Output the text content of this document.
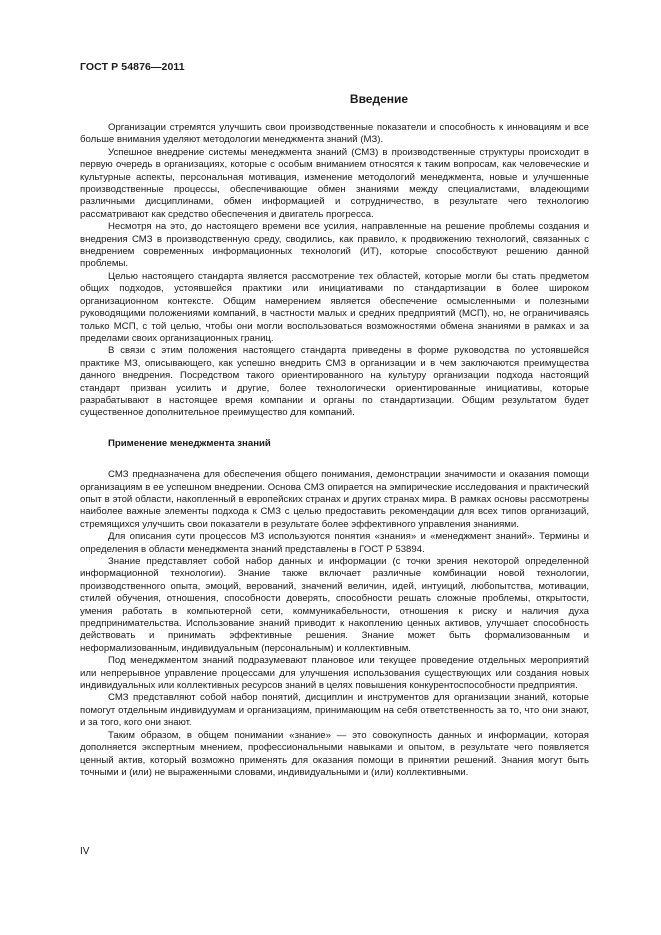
ГОСТ Р 54876—2011
Введение

Организации стремятся улучшить свои производственные показатели и способность к инновациям и все больше внимания уделяют методологии менеджмента знаний (МЗ).

Успешное внедрение системы менеджмента знаний (СМЗ) в производственные структуры происходит в первую очередь в организациях, которые с особым вниманием относятся к таким вопросам, как человеческие и культурные аспекты, персональная мотивация, изменение методологий менеджмента, новые и улучшенные производственные процессы, обеспечивающие обмен знаниями между специалистами, владеющими различными дисциплинами, обмен информацией и сотрудничество, в результате чего технологию рассматривают как средство обеспечения и двигатель прогресса.

Несмотря на это, до настоящего времени все усилия, направленные на решение проблемы создания и внедрения СМЗ в производственную среду, сводились, как правило, к продвижению технологий, связанных с внедрением современных информационных технологий (ИТ), которые способствуют решению данной проблемы.

Целью настоящего стандарта является рассмотрение тех областей, которые могли бы стать предметом общих подходов, устоявшейся практики или инициативами по стандартизации в более широком организационном контексте. Общим намерением является обеспечение осмысленными и полезными руководящими положениями компаний, в частности малых и средних предприятий (МСП), но, не ограничиваясь только МСП, с той целью, чтобы они могли воспользоваться возможностями обмена знаниями в рамках и за пределами своих организационных границ.

В связи с этим положения настоящего стандарта приведены в форме руководства по устоявшейся практике МЗ, описывающего, как успешно внедрить СМЗ в организации и в чем заключаются преимущества данного внедрения. Посредством такого ориентированного на культуру организации подхода настоящий стандарт призван усилить и другие, более технологически ориентированные инициативы, которые разрабатывают в настоящее время компании и органы по стандартизации. Общим результатом будет существенное дополнительное преимущество для компаний.

Применение менеджмента знаний

СМЗ предназначена для обеспечения общего понимания, демонстрации значимости и оказания помощи организациям в ее успешном внедрении. Основа СМЗ опирается на эмпирические исследования и практический опыт в этой области, накопленный в европейских странах и других странах мира. В рамках основы рассмотрены наиболее важные элементы подхода к СМЗ с целью предоставить рекомендации для всех типов организаций, стремящихся улучшить свои показатели в результате более эффективного управления знаниями.

Для описания сути процессов МЗ используются понятия «знания» и «менеджмент знаний». Термины и определения в области менеджмента знаний представлены в ГОСТ Р 53894.

Знание представляет собой набор данных и информации (с точки зрения некоторой определенной информационной технологии). Знание также включает различные комбинации новой технологии, производственного опыта, эмоций, верований, значений величин, идей, интуиций, любопытства, мотивации, стилей обучения, отношения, способности доверять, способности решать сложные проблемы, открытости, умения работать в компьютерной сети, коммуникабельности, отношения к риску и наличия духа предпринимательства. Использование знаний приводит к накоплению ценных активов, улучшает способность действовать и принимать эффективные решения. Знание может быть формализованным и неформализованным, индивидуальным (персональным) и коллективным.

Под менеджментом знаний подразумевают плановое или текущее проведение отдельных мероприятий или непрерывное управление процессами для улучшения использования существующих или создания новых индивидуальных или коллективных ресурсов знаний в целях повышения конкурентоспособности предприятия.

СМЗ представляют собой набор понятий, дисциплин и инструментов для организации знаний, которые помогут отдельным индивидуумам и организациям, принимающим на себя ответственность за то, что они знают, и за того, кого они знают.

Таким образом, в общем понимании «знание» — это совокупность данных и информации, которая дополняется экспертным мнением, профессиональными навыками и опытом, в результате чего появляется ценный актив, который возможно применять для оказания помощи в принятии решений. Знания могут быть точными и (или) не выраженными словами, индивидуальными и (или) коллективными.

IV
